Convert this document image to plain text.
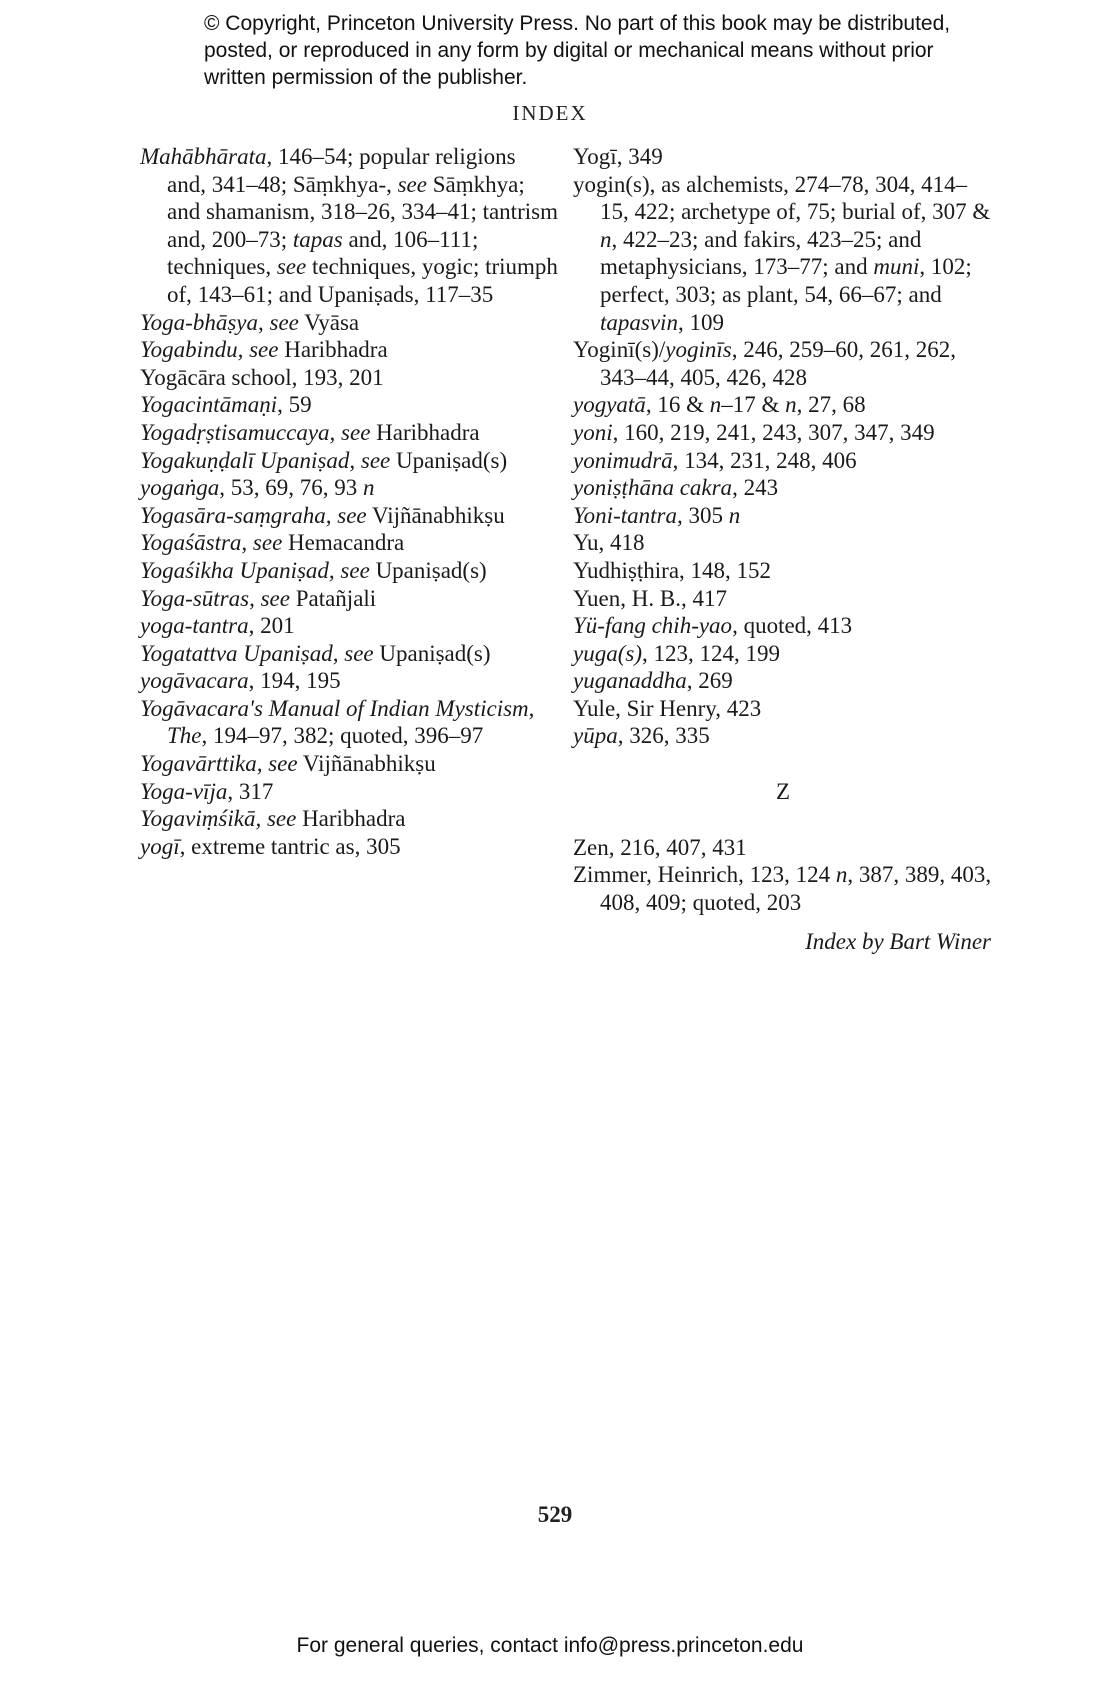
© Copyright, Princeton University Press. No part of this book may be distributed, posted, or reproduced in any form by digital or mechanical means without prior written permission of the publisher.
INDEX
Mahābhārata, 146–54; popular religions and, 341–48; Sāṃkhya-, see Sāṃkhya; and shamanism, 318–26, 334–41; tantrism and, 200–73; tapas and, 106–111; techniques, see techniques, yogic; triumph of, 143–61; and Upaniṣads, 117–35
Yoga-bhāṣya, see Vyāsa
Yogabindu, see Haribhadra
Yogācāra school, 193, 201
Yogacintāmaṇi, 59
Yogadṛṣtisamuccaya, see Haribhadra
Yogakuṇḍalī Upaniṣad, see Upaniṣad(s)
yogaṅga, 53, 69, 76, 93 n
Yogasāra-saṃgraha, see Vijñānabhikṣu
Yogaśāstra, see Hemacandra
Yogaśikha Upaniṣad, see Upaniṣad(s)
Yoga-sūtras, see Patañjali
yoga-tantra, 201
Yogatattva Upaniṣad, see Upaniṣad(s)
yogāvacara, 194, 195
Yogāvacara's Manual of Indian Mysticism, The, 194–97, 382; quoted, 396–97
Yogavārttika, see Vijñānabhikṣu
Yoga-vīja, 317
Yogaviṃśikā, see Haribhadra
yogī, extreme tantric as, 305
Yogī, 349
yogin(s), as alchemists, 274–78, 304, 414–15, 422; archetype of, 75; burial of, 307 & n, 422–23; and fakirs, 423–25; and metaphysicians, 173–77; and muni, 102; perfect, 303; as plant, 54, 66–67; and tapasvin, 109
Yoginī(s)/yoginīs, 246, 259–60, 261, 262, 343–44, 405, 426, 428
yogyatā, 16 & n–17 & n, 27, 68
yoni, 160, 219, 241, 243, 307, 347, 349
yonimudrā, 134, 231, 248, 406
yoniṣṭhāna cakra, 243
Yoni-tantra, 305 n
Yu, 418
Yudhiṣṭhira, 148, 152
Yuen, H. B., 417
Yü-fang chih-yao, quoted, 413
yuga(s), 123, 124, 199
yuganaddha, 269
Yule, Sir Henry, 423
yūpa, 326, 335
Z
Zen, 216, 407, 431
Zimmer, Heinrich, 123, 124 n, 387, 389, 403, 408, 409; quoted, 203
Index by Bart Winer
529
For general queries, contact info@press.princeton.edu
